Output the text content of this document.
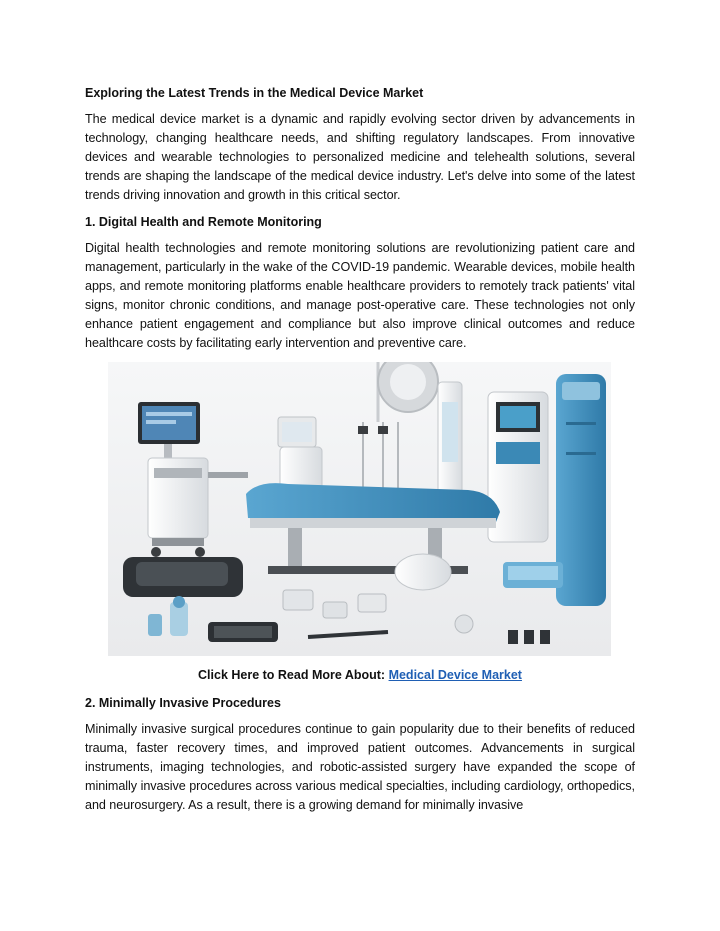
Exploring the Latest Trends in the Medical Device Market
The medical device market is a dynamic and rapidly evolving sector driven by advancements in technology, changing healthcare needs, and shifting regulatory landscapes. From innovative devices and wearable technologies to personalized medicine and telehealth solutions, several trends are shaping the landscape of the medical device industry. Let's delve into some of the latest trends driving innovation and growth in this critical sector.
1. Digital Health and Remote Monitoring
Digital health technologies and remote monitoring solutions are revolutionizing patient care and management, particularly in the wake of the COVID-19 pandemic. Wearable devices, mobile health apps, and remote monitoring platforms enable healthcare providers to remotely track patients' vital signs, monitor chronic conditions, and manage post-operative care. These technologies not only enhance patient engagement and compliance but also improve clinical outcomes and reduce healthcare costs by facilitating early intervention and preventive care.
Click Here to Read More About: Medical Device Market
2. Minimally Invasive Procedures
Minimally invasive surgical procedures continue to gain popularity due to their benefits of reduced trauma, faster recovery times, and improved patient outcomes. Advancements in surgical instruments, imaging technologies, and robotic-assisted surgery have expanded the scope of minimally invasive procedures across various medical specialties, including cardiology, orthopedics, and neurosurgery. As a result, there is a growing demand for minimally invasive
